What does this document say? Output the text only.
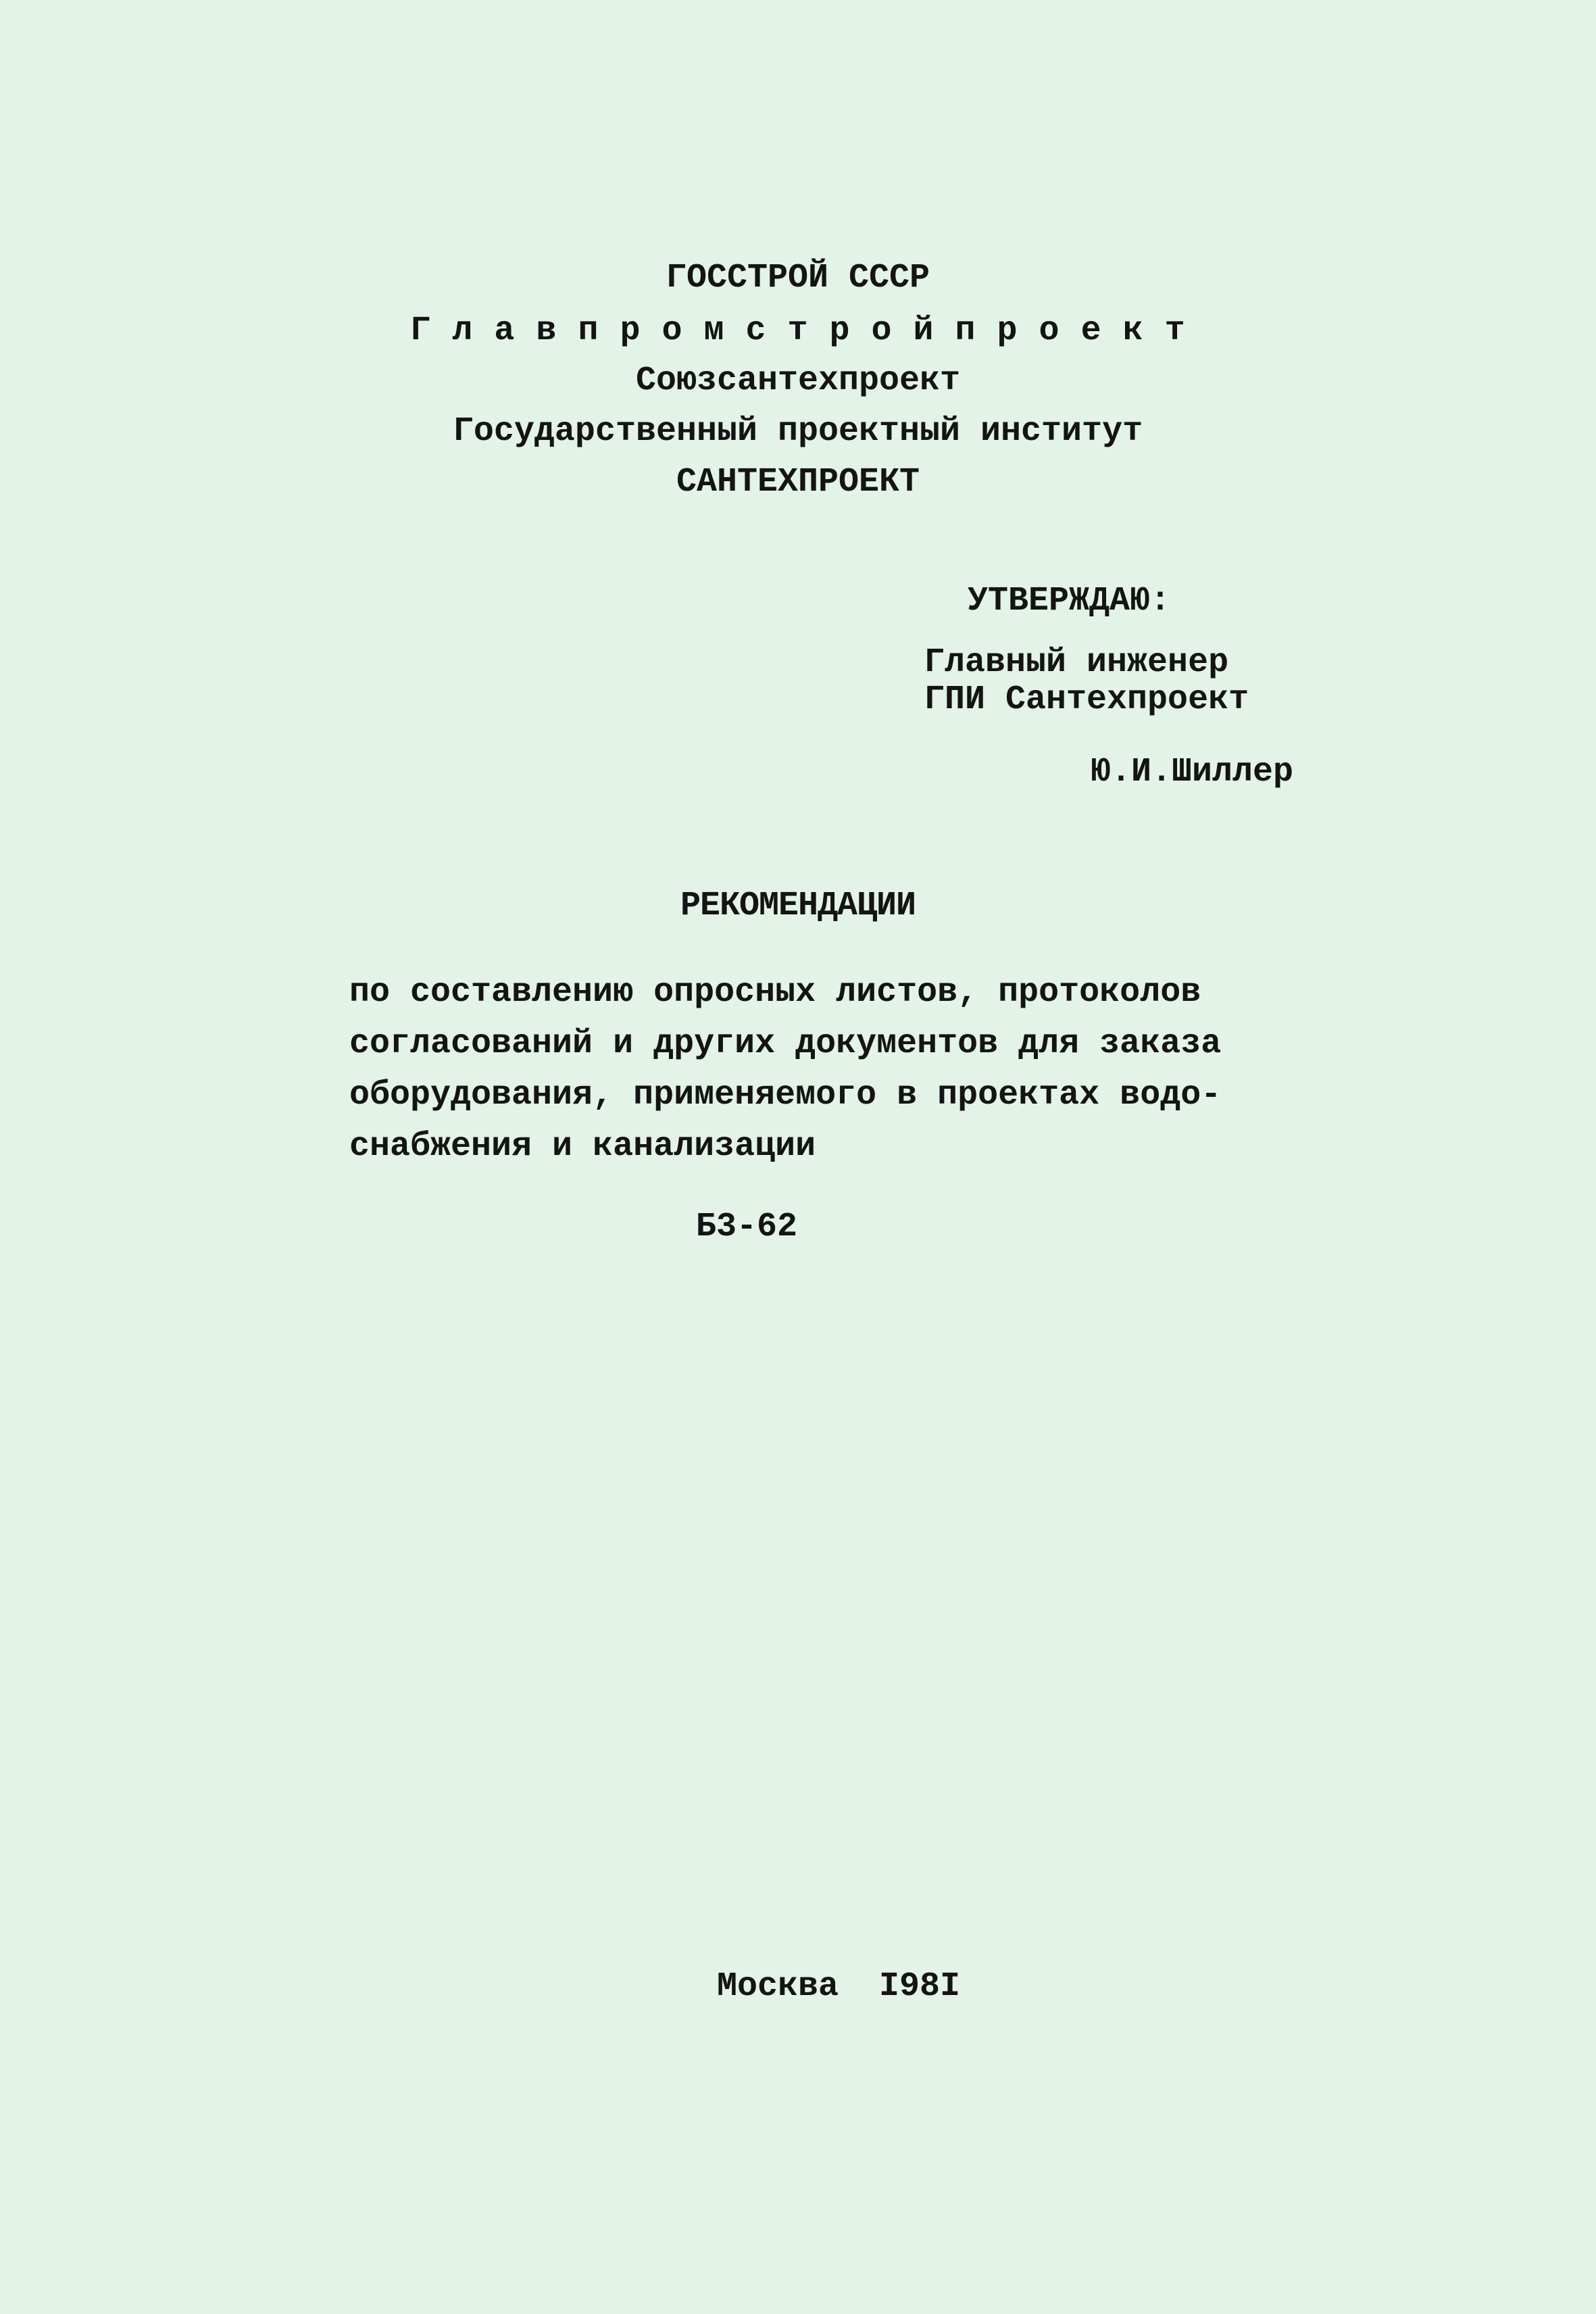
ГОССТРОЙ СССР
Г л а в п р о м с т р о й п р о е к т
Союзсантехпроект
Государственный проектный институт
САНТЕХПРОЕКТ
УТВЕРЖДАЮ:
Главный инженер
ГПИ Сантехпроект
Ю.И.Шиллер
РЕКОМЕНДАЦИИ
по составлению опросных листов, протоколов
согласований и других документов для заказа
оборудования, применяемого в проектах водо-
снабжения и канализации
Б3-62

Москва I98I
